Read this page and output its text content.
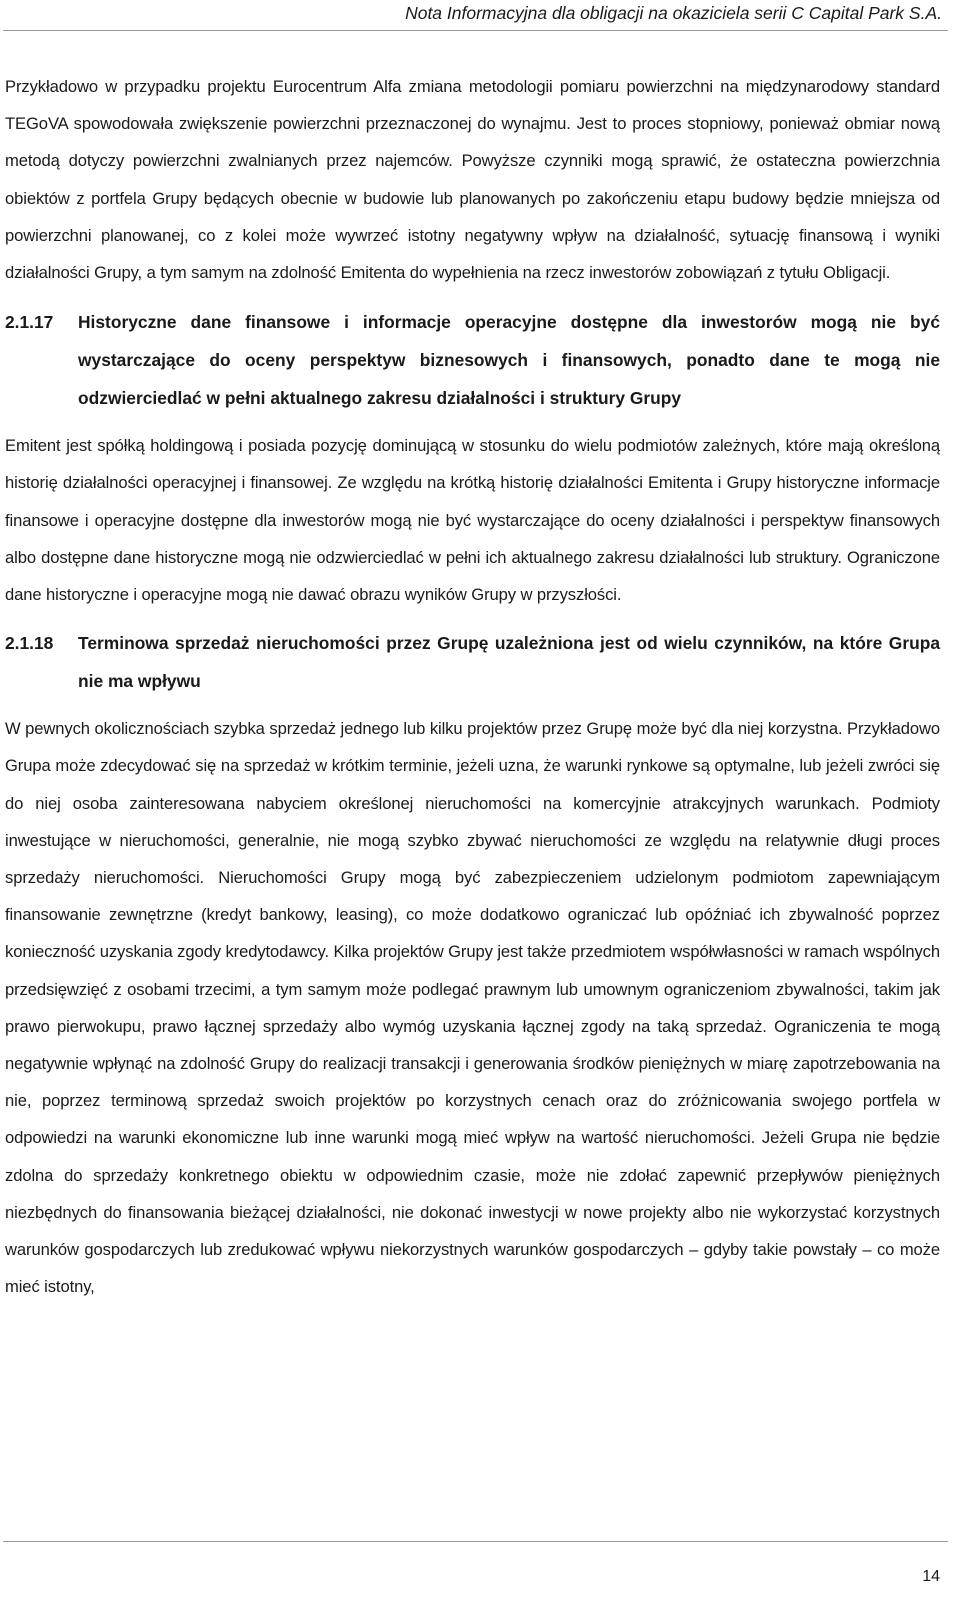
Nota Informacyjna dla obligacji na okaziciela serii C Capital Park S.A.

Przykładowo w przypadku projektu Eurocentrum Alfa zmiana metodologii pomiaru powierzchni na międzynarodowy standard TEGoVA spowodowała zwiększenie powierzchni przeznaczonej do wynajmu. Jest to proces stopniowy, ponieważ obmiar nową metodą dotyczy powierzchni zwalnianych przez najemców. Powyższe czynniki mogą sprawić, że ostateczna powierzchnia obiektów z portfela Grupy będących obecnie w budowie lub planowanych po zakończeniu etapu budowy będzie mniejsza od powierzchni planowanej, co z kolei może wywrzeć istotny negatywny wpływ na działalność, sytuację finansową i wyniki działalności Grupy, a tym samym na zdolność Emitenta do wypełnienia na rzecz inwestorów zobowiązań z tytułu Obligacji.

2.1.17	Historyczne dane finansowe i informacje operacyjne dostępne dla inwestorów mogą nie być wystarczające do oceny perspektyw biznesowych i finansowych, ponadto dane te mogą nie odzwierciedlać w pełni aktualnego zakresu działalności i struktury Grupy

Emitent jest spółką holdingową i posiada pozycję dominującą w stosunku do wielu podmiotów zależnych, które mają określoną historię działalności operacyjnej i finansowej. Ze względu na krótką historię działalności Emitenta i Grupy historyczne informacje finansowe i operacyjne dostępne dla inwestorów mogą nie być wystarczające do oceny działalności i perspektyw finansowych albo dostępne dane historyczne mogą nie odzwierciedlać w pełni ich aktualnego zakresu działalności lub struktury. Ograniczone dane historyczne i operacyjne mogą nie dawać obrazu wyników Grupy w przyszłości.

2.1.18	Terminowa sprzedaż nieruchomości przez Grupę uzależniona jest od wielu czynników, na które Grupa nie ma wpływu

W pewnych okolicznościach szybka sprzedaż jednego lub kilku projektów przez Grupę może być dla niej korzystna. Przykładowo Grupa może zdecydować się na sprzedaż w krótkim terminie, jeżeli uzna, że warunki rynkowe są optymalne, lub jeżeli zwróci się do niej osoba zainteresowana nabyciem określonej nieruchomości na komercyjnie atrakcyjnych warunkach. Podmioty inwestujące w nieruchomości, generalnie, nie mogą szybko zbywać nieruchomości ze względu na relatywnie długi proces sprzedaży nieruchomości. Nieruchomości Grupy mogą być zabezpieczeniem udzielonym podmiotom zapewniającym finansowanie zewnętrzne (kredyt bankowy, leasing), co może dodatkowo ograniczać lub opóźniać ich zbywalność poprzez konieczność uzyskania zgody kredytodawcy. Kilka projektów Grupy jest także przedmiotem współwłasności w ramach wspólnych przedsięwzięć z osobami trzecimi, a tym samym może podlegać prawnym lub umownym ograniczeniom zbywalności, takim jak prawo pierwokupu, prawo łącznej sprzedaży albo wymóg uzyskania łącznej zgody na taką sprzedaż. Ograniczenia te mogą negatywnie wpłynąć na zdolność Grupy do realizacji transakcji i generowania środków pieniężnych w miarę zapotrzebowania na nie, poprzez terminową sprzedaż swoich projektów po korzystnych cenach oraz do zróżnicowania swojego portfela w odpowiedzi na warunki ekonomiczne lub inne warunki mogą mieć wpływ na wartość nieruchomości. Jeżeli Grupa nie będzie zdolna do sprzedaży konkretnego obiektu w odpowiednim czasie, może nie zdołać zapewnić przepływów pieniężnych niezbędnych do finansowania bieżącej działalności, nie dokonać inwestycji w nowe projekty albo nie wykorzystać korzystnych warunków gospodarczych lub zredukować wpływu niekorzystnych warunków gospodarczych – gdyby takie powstały – co może mieć istotny,

14
